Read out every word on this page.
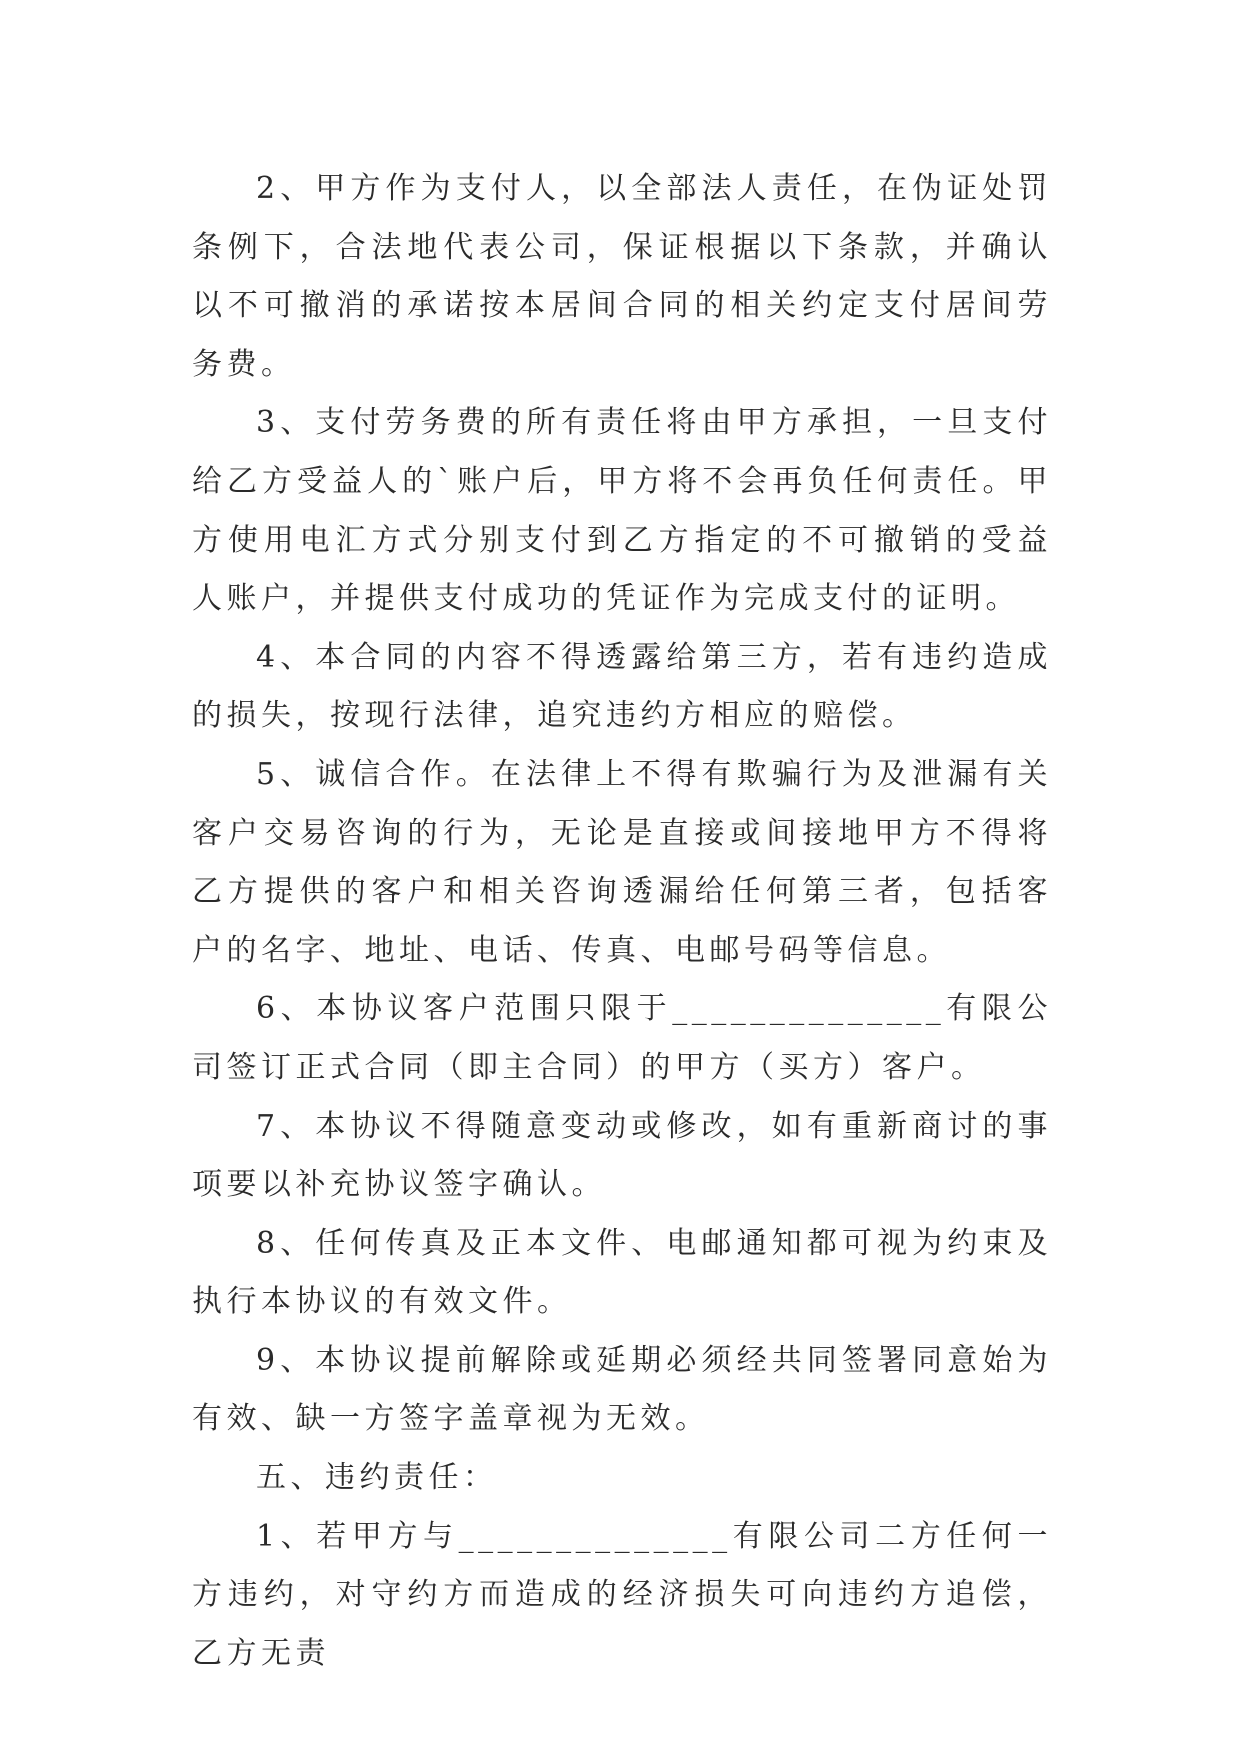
2、甲方作为支付人，以全部法人责任，在伪证处罚条例下，合法地代表公司，保证根据以下条款，并确认以不可撤消的承诺按本居间合同的相关约定支付居间劳务费。

3、支付劳务费的所有责任将由甲方承担，一旦支付给乙方受益人的`账户后，甲方将不会再负任何责任。甲方使用电汇方式分别支付到乙方指定的不可撤销的受益人账户，并提供支付成功的凭证作为完成支付的证明。

4、本合同的内容不得透露给第三方，若有违约造成的损失，按现行法律，追究违约方相应的赔偿。

5、诚信合作。在法律上不得有欺骗行为及泄漏有关客户交易咨询的行为，无论是直接或间接地甲方不得将乙方提供的客户和相关咨询透漏给任何第三者，包括客户的名字、地址、电话、传真、电邮号码等信息。

6、本协议客户范围只限于______________有限公司签订正式合同（即主合同）的甲方（买方）客户。

7、本协议不得随意变动或修改，如有重新商讨的事项要以补充协议签字确认。

8、任何传真及正本文件、电邮通知都可视为约束及执行本协议的有效文件。

9、本协议提前解除或延期必须经共同签署同意始为有效、缺一方签字盖章视为无效。

五、违约责任：

1、若甲方与______________有限公司二方任何一方违约，对守约方而造成的经济损失可向违约方追偿，乙方无责
